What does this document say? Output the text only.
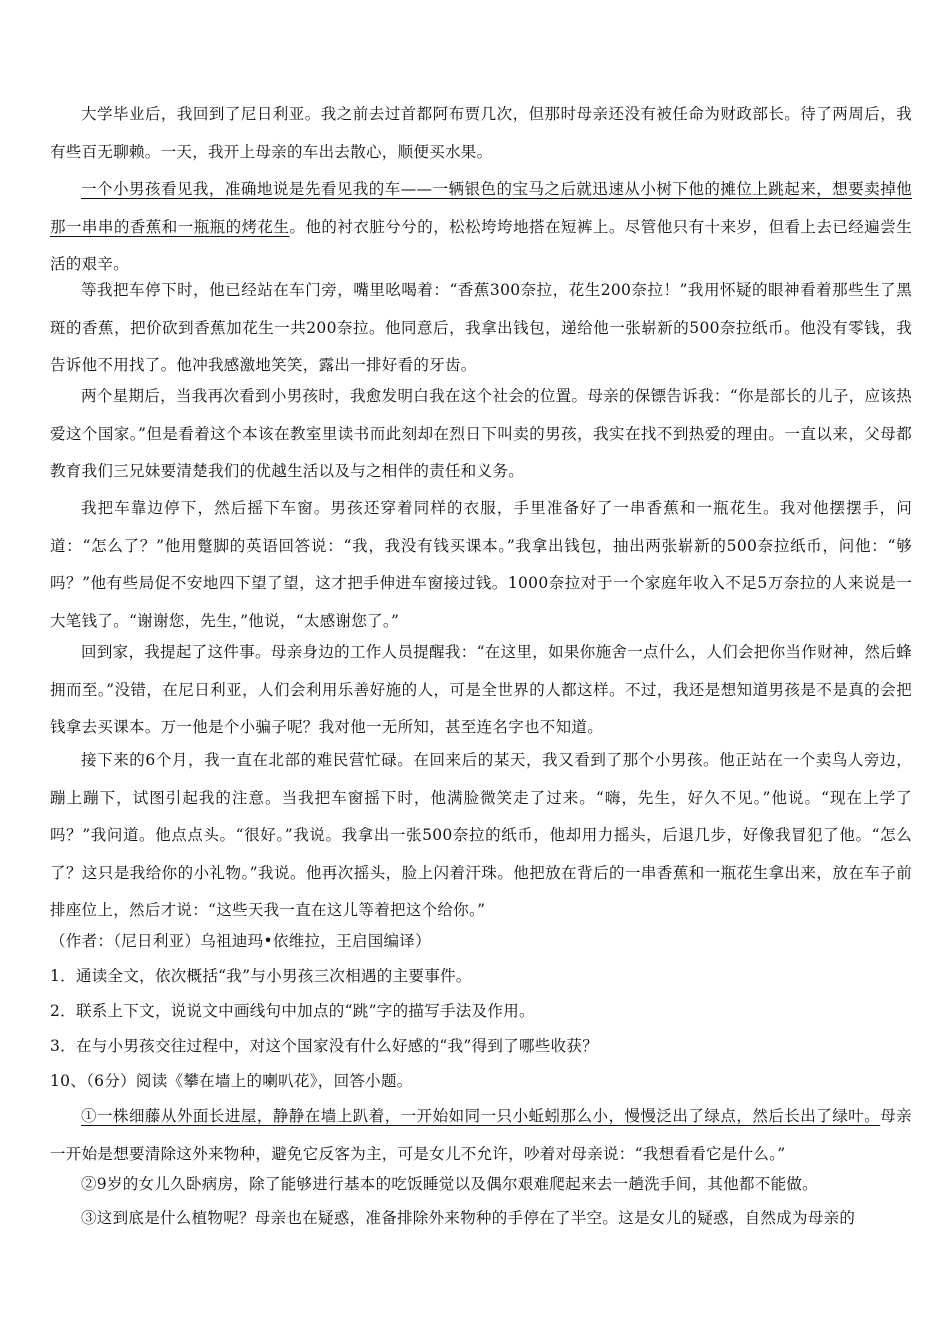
大学毕业后，我回到了尼日利亚。我之前去过首都阿布贾几次，但那时母亲还没有被任命为财政部长。待了两周后，我有些百无聊赖。一天，我开上母亲的车出去散心，顺便买水果。

一个小男孩看见我，准确地说是先看见我的车——一辆银色的宝马之后就迅速从小树下他的摊位上跳起来，想要卖掉他那一串串的香蕉和一瓶瓶的烤花生。他的衬衣脏兮兮的，松松垮垮地搭在短裤上。尽管他只有十来岁，但看上去已经遍尝生活的艰辛。

等我把车停下时，他已经站在车门旁，嘴里吆喝着：“香蕉300奈拉，花生200奈拉！”我用怀疑的眼神看着那些生了黑斑的香蕉，把价砍到香蕉加花生一共200奈拉。他同意后，我拿出钱包，递给他一张崭新的500奈拉纸币。他没有零钱，我告诉他不用找了。他冲我感激地笑笑，露出一排好看的牙齿。

两个星期后，当我再次看到小男孩时，我愈发明白我在这个社会的位置。母亲的保镖告诉我：“你是部长的儿子，应该热爱这个国家。”但是看着这个本该在教室里读书而此刻却在烈日下叫卖的男孩，我实在找不到热爱的理由。一直以来，父母都教育我们三兄妹要清楚我们的优越生活以及与之相伴的责任和义务。

我把车靠边停下，然后摇下车窗。男孩还穿着同样的衣服，手里准备好了一串香蕉和一瓶花生。我对他摆摆手，问道：“怎么了？”他用蹩脚的英语回答说：“我，我没有钱买课本。”我拿出钱包，抽出两张崭新的500奈拉纸币，问他：“够吗？”他有些局促不安地四下望了望，这才把手伸进车窗接过钱。1000奈拉对于一个家庭年收入不足5万奈拉的人来说是一大笔钱了。“谢谢您，先生，”他说，“太感谢您了。”

回到家，我提起了这件事。母亲身边的工作人员提醒我：“在这里，如果你施舍一点什么，人们会把你当作财神，然后蜂拥而至。”没错，在尼日利亚，人们会利用乐善好施的人，可是全世界的人都这样。不过，我还是想知道男孩是不是真的会把钱拿去买课本。万一他是个小骗子呢？我对他一无所知，甚至连名字也不知道。

接下来的6个月，我一直在北部的难民营忙碌。在回来后的某天，我又看到了那个小男孩。他正站在一个卖鸟人旁边，蹦上蹦下，试图引起我的注意。当我把车窗摇下时，他满脸微笑走了过来。“嗨，先生，好久不见。”他说。“现在上学了吗？”我问道。他点点头。“很好。”我说。我拿出一张500奈拉的纸币，他却用力摇头，后退几步，好像我冒犯了他。“怎么了？这只是我给你的小礼物。”我说。他再次摇头，脸上闪着汗珠。他把放在背后的一串香蕉和一瓶花生拿出来，放在车子前排座位上，然后才说：“这些天我一直在这儿等着把这个给你。”

（作者：（尼日利亚）乌祖迪玛•依维拉，王启国编译）

1．通读全文，依次概括“我”与小男孩三次相遇的主要事件。

2．联系上下文，说说文中画线句中加点的“跳”字的描写手法及作用。

3．在与小男孩交往过程中，对这个国家没有什么好感的“我”得到了哪些收获？

10、（6分）阅读《攀在墙上的喇叭花》，回答小题。

①一株细藤从外面长进屋，静静在墙上趴着，一开始如同一只小蚯蚓那么小，慢慢泛出了绿点，然后长出了绿叶。母亲一开始是想要清除这外来物种，避免它反客为主，可是女儿不允许，吵着对母亲说：“我想看看它是什么。”

②9岁的女儿久卧病房，除了能够进行基本的吃饭睡觉以及偶尔艰难爬起来去一趟洗手间，其他都不能做。

③这到底是什么植物呢？母亲也在疑惑，准备排除外来物种的手停在了半空。这是女儿的疑惑，自然成为母亲的
